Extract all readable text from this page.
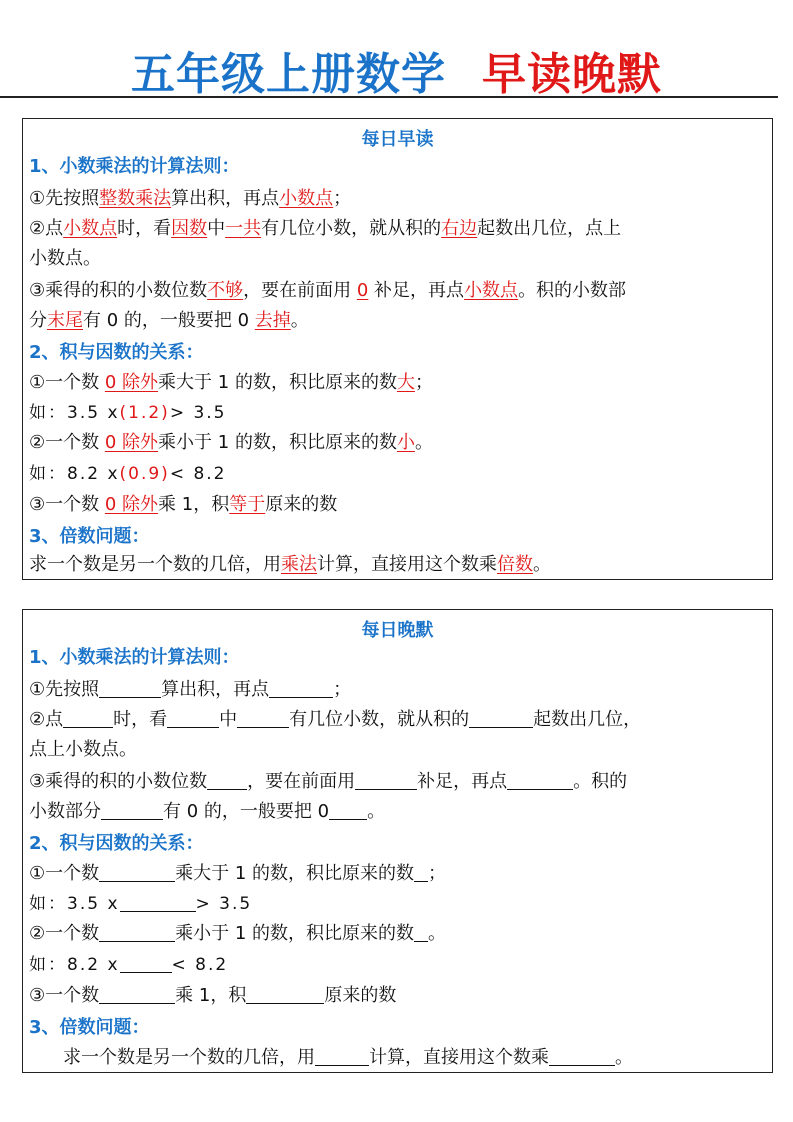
五年级上册数学 早读晚默
每日早读
1、小数乘法的计算法则：
①先按照整数乘法算出积，再点小数点；
②点小数点时，看因数中一共有几位小数，就从积的右边起数出几位，点上
小数点。
③乘得的积的小数位数不够，要在前面用 0 补足，再点小数点。积的小数部
分末尾有 0 的，一般要把 0 去掉。
2、积与因数的关系：
①一个数 0 除外乘大于 1 的数，积比原来的数大；
如：3.5 x(1.2)> 3.5
②一个数 0 除外乘小于 1 的数，积比原来的数小。
如：8.2 x(0.9)< 8.2
③一个数 0 除外乘 1，积等于原来的数
3、倍数问题：
求一个数是另一个数的几倍，用乘法计算，直接用这个数乘倍数。
每日晚默
1、小数乘法的计算法则：
①先按照	算出积，再点	；
②点	时，看	中	有几位小数，就从积的	起数出几位，
点上小数点。
③乘得的积的小数位数 ，要在前面用	补足，再点	。积的
小数部分	有 0 的，一般要把 0 。
2、积与因数的关系：
①一个数	乘大于 1 的数，积比原来的数 ；
如：3.5 x	> 3.5
②一个数	乘小于 1 的数，积比原来的数 。
如：8.2 x	< 8.2
③一个数	乘 1，积	原来的数
3、倍数问题：
求一个数是另一个数的几倍，用	计算，直接用这个数乘	。
